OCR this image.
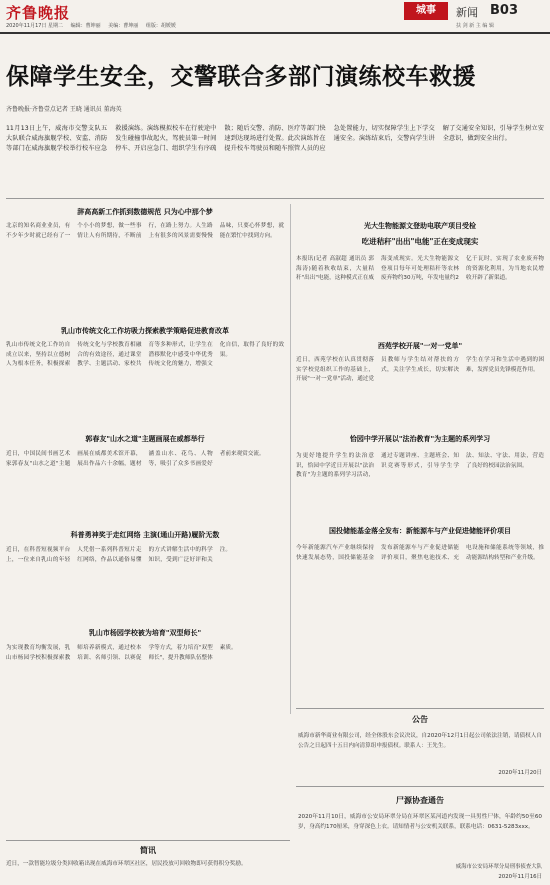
齐鲁晚报
2020年11月17日 星期二 编辑：曹坤丽 美编：曹坤丽 组版：胡媛媛
城事	新闻 B03
扶 剑 新 主 编 辑
保障学生安全，交警联合多部门演练校车救援
齐鲁晚报·齐鲁壹点记者 王晓 通讯员 董海英
11月13日上午，威海市交警支队五大队联合威海旗舰学校、安监、消防等部门在威海旗舰学校举行校车应急救援演练。演练模拟校车在行驶途中发生碰撞事故起火，驾驶员第一时间停车、开启应急门、组织学生有序疏散；随后交警、消防、医疗等部门快速到达现场进行处置。此次演练旨在提升校车驾驶员和随车照管人员的应急处置能力，切实保障学生上下学交通安全。演练结束后，交警向学生讲解了交通安全知识，引导学生树立安全意识，做到安全出行。
辞高高新工作抓到数德规范 只为心中那个梦
北京的知名商业业员，有不少年少时就已经有了一个小小的梦想，做一些事情让人有所期待，不断前行，在路上努力。人生路上有很多的风景需要慢慢品味，只要心怀梦想，就能在繁忙中找到方向。
乳山市传统文化工作坊吸力探索教学策略促进教育改革
乳山市传统文化工作坊自成立以来，坚持以立德树人为根本任务，积极探索传统文化与学校教育相融合的有效途径，通过课堂教学、主题活动、家校共育等多种形式，让学生在潜移默化中感受中华优秀传统文化的魅力，增强文化自信，取得了良好的效果。
郭春友"山水之道"主题画展在威都举行
近日，中国民间书画艺术家郭春友"山水之道"主题画展在威都美术馆开幕，展出作品六十余幅，题材涵盖山水、花鸟、人物等，吸引了众多书画爱好者前来观赏交流。
科普勇神奖于走红网络 主演(通山开路)履阶无数
近日，在科普短视频平台上，一位来自乳山的年轻人凭借一系列科普短片走红网络，作品以通俗易懂的方式讲解生活中的科学知识，受到广泛好评和关注。
乳山市杨园学校被为培育"双型师长"
为实现教育均衡发展，乳山市杨园学校积极探索教师培养新模式，通过校本培训、名师引领、以赛促学等方式，着力培育"双型师长"，提升教师队伍整体素质。
光大生物能源文登助电联产项目受检
吃进秸秆"出出"电能"正在变成现实
本报讯(记者 高淑超 通讯员 郭海涛)随着秋收结束，大量秸秆"出出"电能，这种模式正在威海变成现实。光大生物能源文登项目每年可处理秸秆等农林废弃物约30万吨，年发电量约2亿千瓦时，实现了农业废弃物的资源化利用，为当地农民增收开辟了新渠道。
西苑学校开展"一对一党单"
近日，西苑学校在认真贯彻落实学校党组织工作的基础上，开展"一对一党单"活动，通过党员教师与学生结对帮扶的方式，关注学生成长，切实解决学生在学习和生活中遇到的困难，发挥党员先锋模范作用。
恰园中学开展以"法治教育"为主题的系列学习
为更好地提升学生的法治意识，恰园中学近日开展以"法治教育"为主题的系列学习活动，通过专题讲座、主题班会、知识竞赛等形式，引导学生学法、知法、守法、用法，营造了良好的校园法治氛围。
国投储能基金落全发布：新能源车与产业促进储能评价项目
今年新能源汽车产业继续保持快速发展态势，国投储能基金发布新能源车与产业促进储能评价项目，聚焦电池技术、充电设施和储能系统等领域，推动能源结构转型和产业升级。
公告
威海市新华商业有限公司，经全体股东会议决议，自2020年12月1日起公司依法注销，请债权人自公告之日起四十五日内向清算组申报债权。联系人：王先生。
2020年11月20日
尸源协查通告
2020年11月10日，威海市公安局环翠分局在环翠区某河道内发现一具男性尸体，年龄约50至60岁，身高约170厘米，身穿深色上衣。请知情者与公安机关联系，联系电话：0631-5283xxx。
威海市公安局环翠分局刑事侦查大队
2020年11月16日
简讯
近日，一款智能垃圾分类回收箱出现在威海市环翠区社区，居民投放可回收物即可获得积分奖励。
